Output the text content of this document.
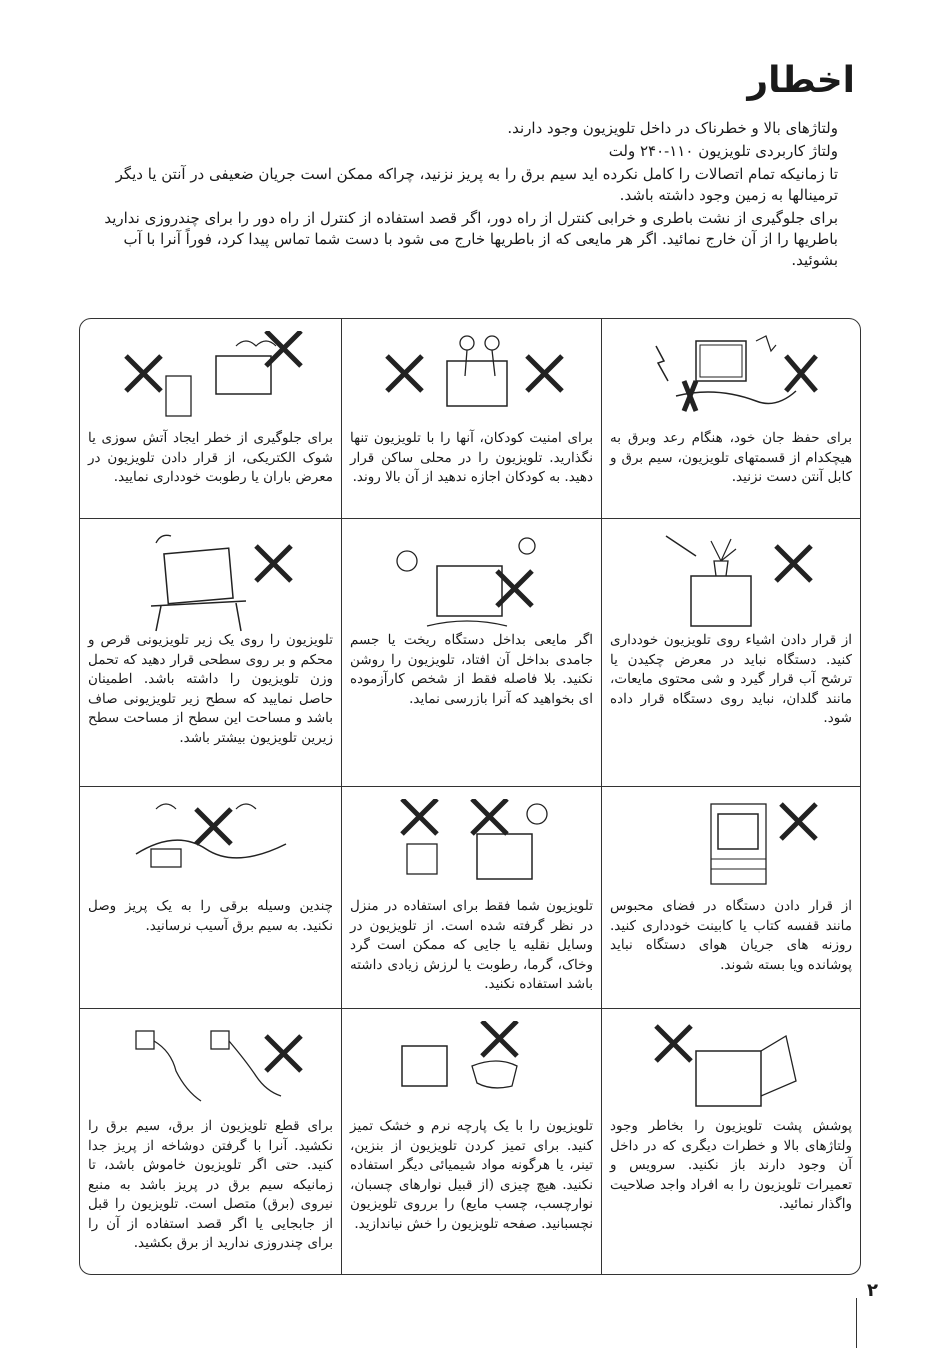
اخطار

ولتاژهای بالا و خطرناک در داخل تلویزیون وجود دارند.

ولتاژ کاربردی تلویزیون ۱۱۰-۲۴۰ ولت

تا زمانیکه تمام اتصالات را کامل نکرده اید سیم برق را به پریز نزنید، چراکه ممکن است جریان ضعیفی در آنتن یا دیگر ترمینالها به زمین وجود داشته باشد.

برای جلوگیری از نشت باطری و خرابی کنترل از راه دور، اگر قصد استفاده از کنترل از راه دور را برای چندروزی ندارید باطریها را از آن خارج نمائید. اگر هر مایعی که از باطریها خارج می شود با دست شما تماس پیدا کرد، فوراً آنرا با آب بشوئید.

برای حفظ جان خود، هنگام رعد وبرق به هیچکدام از قسمتهای تلویزیون، سیم برق و کابل آنتن دست نزنید.
برای امنیت کودکان، آنها را با تلویزیون تنها نگذارید. تلویزیون را در محلی ساکن قرار دهید. به کودکان اجازه ندهید از آن بالا روند.
برای جلوگیری از خطر ایجاد آتش سوزی یا شوک الکتریکی، از قرار دادن تلویزیون در معرض باران یا رطوبت خودداری نمایید.
از قرار دادن اشیاء روی تلویزیون خودداری کنید. دستگاه نباید در معرض چکیدن یا ترشح آب قرار گیرد و شی محتوی مایعات، مانند گلدان، نباید روی دستگاه قرار داده شود.
اگر مایعی بداخل دستگاه ریخت یا جسم جامدی بداخل آن افتاد، تلویزیون را روشن نکنید. بلا فاصله فقط از شخص کارآزموده ای بخواهید که آنرا بازرسی نماید.
تلویزیون را روی یک زیر تلویزیونی قرص و محکم و بر روی سطحی قرار دهید که تحمل وزن تلویزیون را داشته باشد. اطمینان حاصل نمایید که سطح زیر تلویزیونی صاف باشد و مساحت این سطح از مساحت سطح زیرین تلویزیون بیشتر باشد.
از قرار دادن دستگاه در فضای محبوس مانند قفسه کتاب یا کابینت خودداری کنید. روزنه های جریان هوای دستگاه نباید پوشانده ویا بسته شوند.
تلویزیون شما فقط برای استفاده در منزل در نظر گرفته شده است. از تلویزیون در وسایل نقلیه یا جایی که ممکن است گرد وخاک، گرما، رطوبت یا لرزش زیادی داشته باشد استفاده نکنید.
چندین وسیله برقی را به یک پریز وصل نکنید. به سیم برق آسیب نرسانید.
پوشش پشت تلویزیون را بخاطر وجود ولتاژهای بالا و خطرات دیگری که در داخل آن وجود دارند باز نکنید. سرویس و تعمیرات تلویزیون را به افراد واجد صلاحیت واگذار نمائید.
تلویزیون را با یک پارچه نرم و خشک تمیز کنید. برای تمیز کردن تلویزیون از بنزین، تینر، یا هرگونه مواد شیمیائی دیگر استفاده نکنید. هیچ چیزی (از قبیل نوارهای چسبان، نوارچسب، چسب مایع) را برروی تلویزیون نچسبانید. صفحه تلویزیون را خش نیاندازید.
برای قطع تلویزیون از برق، سیم برق را نکشید. آنرا با گرفتن دوشاخه از پریز جدا کنید. حتی اگر تلویزیون خاموش باشد، تا زمانیکه سیم برق در پریز باشد به منبع نیروی (برق) متصل است. تلویزیون را قبل از جابجایی یا اگر قصد استفاده از آن را برای چندروزی ندارید از برق بکشید.
۲
